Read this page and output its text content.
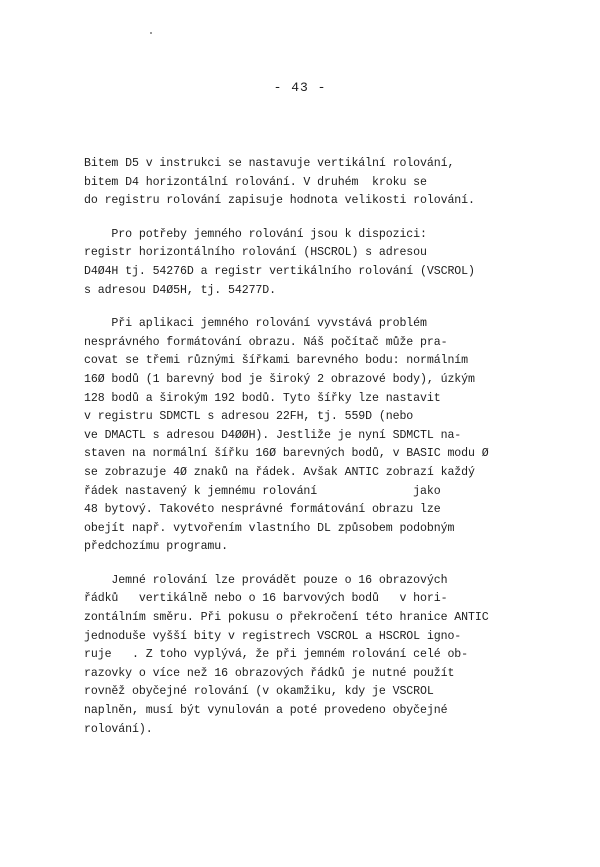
- 43 -
Bitem D5 v instrukci se nastavuje vertikální rolování,
bitem D4 horizontální rolování. V druhém  kroku se
do registru rolování zapisuje hodnota velikosti rolování.
Pro potřeby jemného rolování jsou k dispozici:
registr horizontálního rolování (HSCROL) s adresou
D4Ø4H tj. 54276D a registr vertikálního rolování (VSCROL)
s adresou D4Ø5H, tj. 54277D.
Při aplikaci jemného rolování vyvstává problém
nesprávného formátování obrazu. Náš počítač může pra-
covat se třemi různými šířkami barevného bodu: normálním
16Ø bodů (1 barevný bod je široký 2 obrazové body), úzkým
128 bodů a širokým 192 bodů. Tyto šířky lze nastavit
v registru SDMCTL s adresou 22FH, tj. 559D (nebo
ve DMACTL s adresou D4ØØH). Jestliže je nyní SDMCTL na-
staven na normální šířku 16Ø barevných bodů, v BASIC modu Ø
se zobrazuje 4Ø znaků na řádek. Avšak ANTIC zobrazí každý
řádek nastavený k jemnému rolování              jako
48 bytový. Takovéto nesprávné formátování obrazu lze
obejít např. vytvořením vlastního DL způsobem podobným
předchozímu programu.
Jemné rolování lze provádět pouze o 16 obrazových
řádků   vertikálně nebo o 16 barvových bodů   v hori-
zontálním směru. Při pokusu o překročení této hranice ANTIC
jednoduše vyšší bity v registrech VSCROL a HSCROL igno-
ruje   . Z toho vyplývá, že při jemném rolování celé ob-
razovky o více než 16 obrazových řádků je nutné použít
rovněž obyčejné rolování (v okamžiku, kdy je VSCROL
naplněn, musí být vynulován a poté provedeno obyčejné
rolování).
